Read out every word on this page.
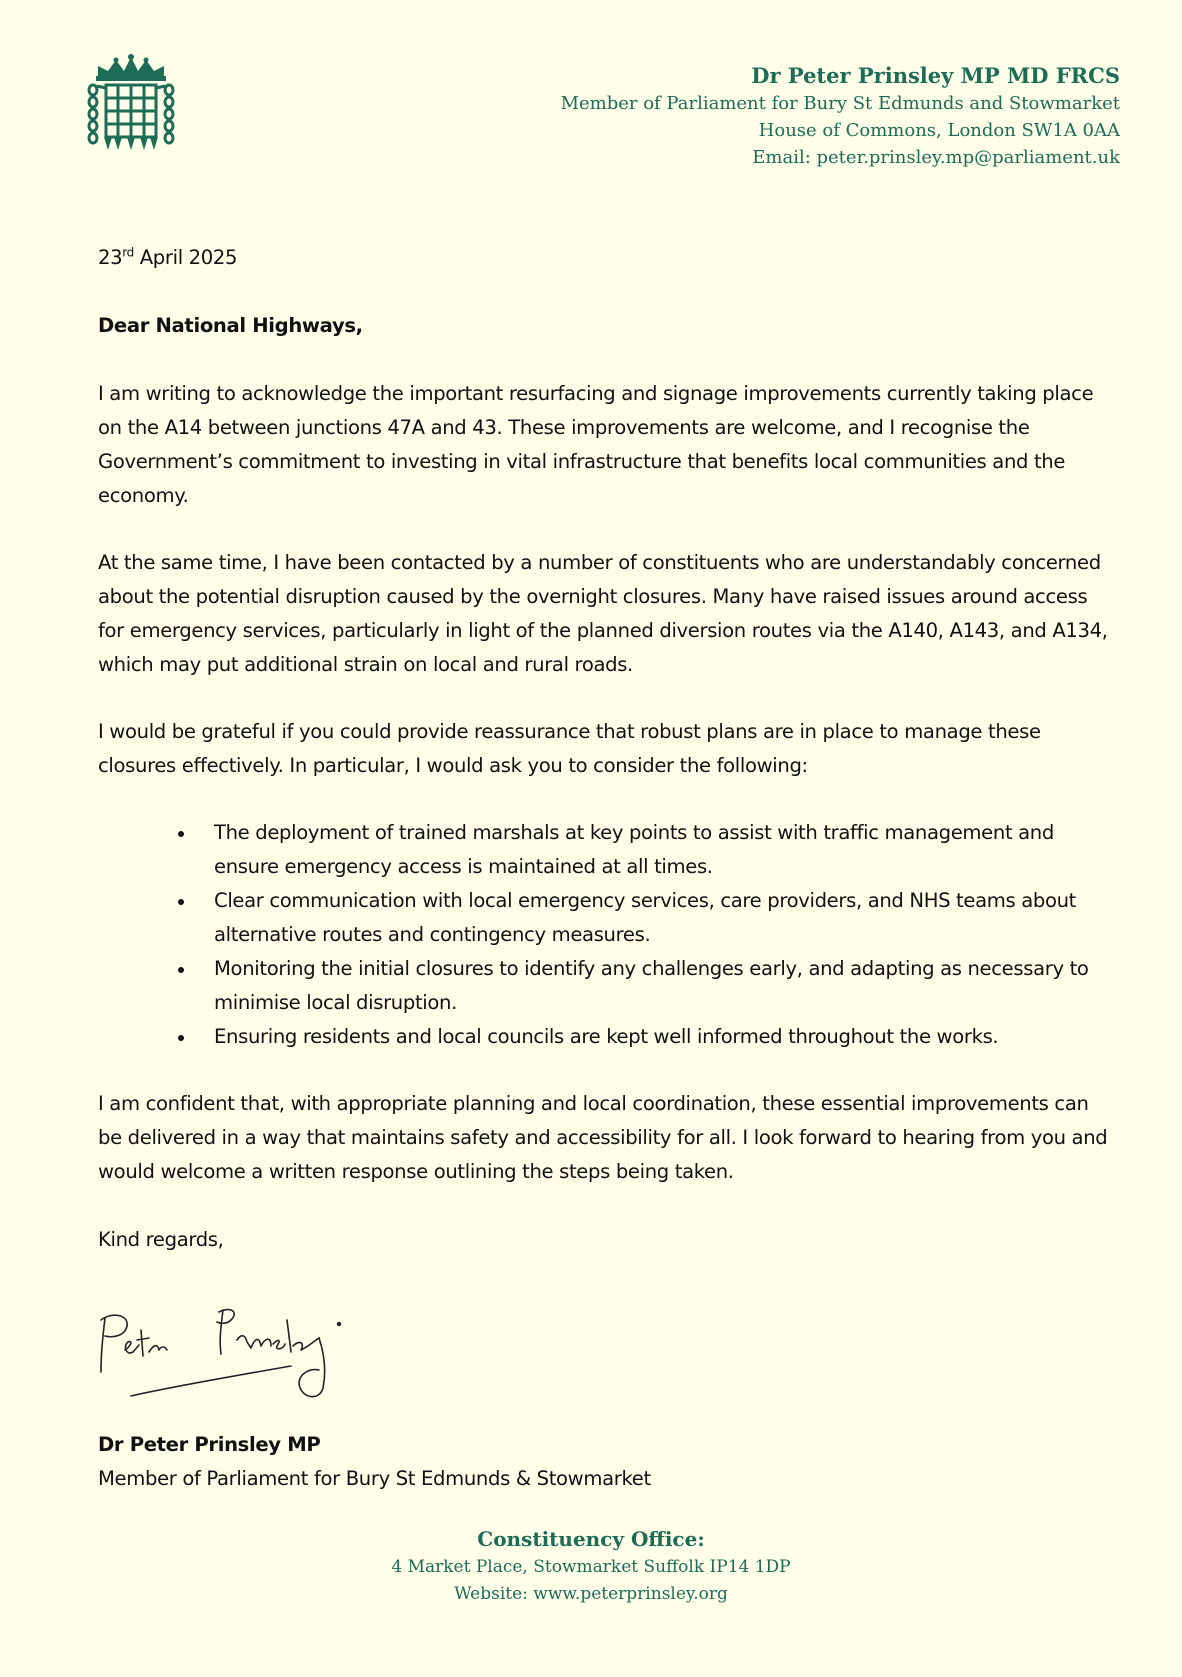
Dr Peter Prinsley MP MD FRCS
Member of Parliament for Bury St Edmunds and Stowmarket
House of Commons, London SW1A 0AA
Email: peter.prinsley.mp@parliament.uk
23rd April 2025
Dear National Highways,

I am writing to acknowledge the important resurfacing and signage improvements currently taking place on the A14 between junctions 47A and 43. These improvements are welcome, and I recognise the Government’s commitment to investing in vital infrastructure that benefits local communities and the economy.

At the same time, I have been contacted by a number of constituents who are understandably concerned about the potential disruption caused by the overnight closures. Many have raised issues around access for emergency services, particularly in light of the planned diversion routes via the A140, A143, and A134, which may put additional strain on local and rural roads.

I would be grateful if you could provide reassurance that robust plans are in place to manage these closures effectively. In particular, I would ask you to consider the following:

The deployment of trained marshals at key points to assist with traffic management and ensure emergency access is maintained at all times.
Clear communication with local emergency services, care providers, and NHS teams about alternative routes and contingency measures.
Monitoring the initial closures to identify any challenges early, and adapting as necessary to minimise local disruption.
Ensuring residents and local councils are kept well informed throughout the works.

I am confident that, with appropriate planning and local coordination, these essential improvements can be delivered in a way that maintains safety and accessibility for all. I look forward to hearing from you and would welcome a written response outlining the steps being taken.

Kind regards,
Dr Peter Prinsley MP
Member of Parliament for Bury St Edmunds & Stowmarket
Constituency Office:
4 Market Place, Stowmarket Suffolk IP14 1DP
Website: www.peterprinsley.org
